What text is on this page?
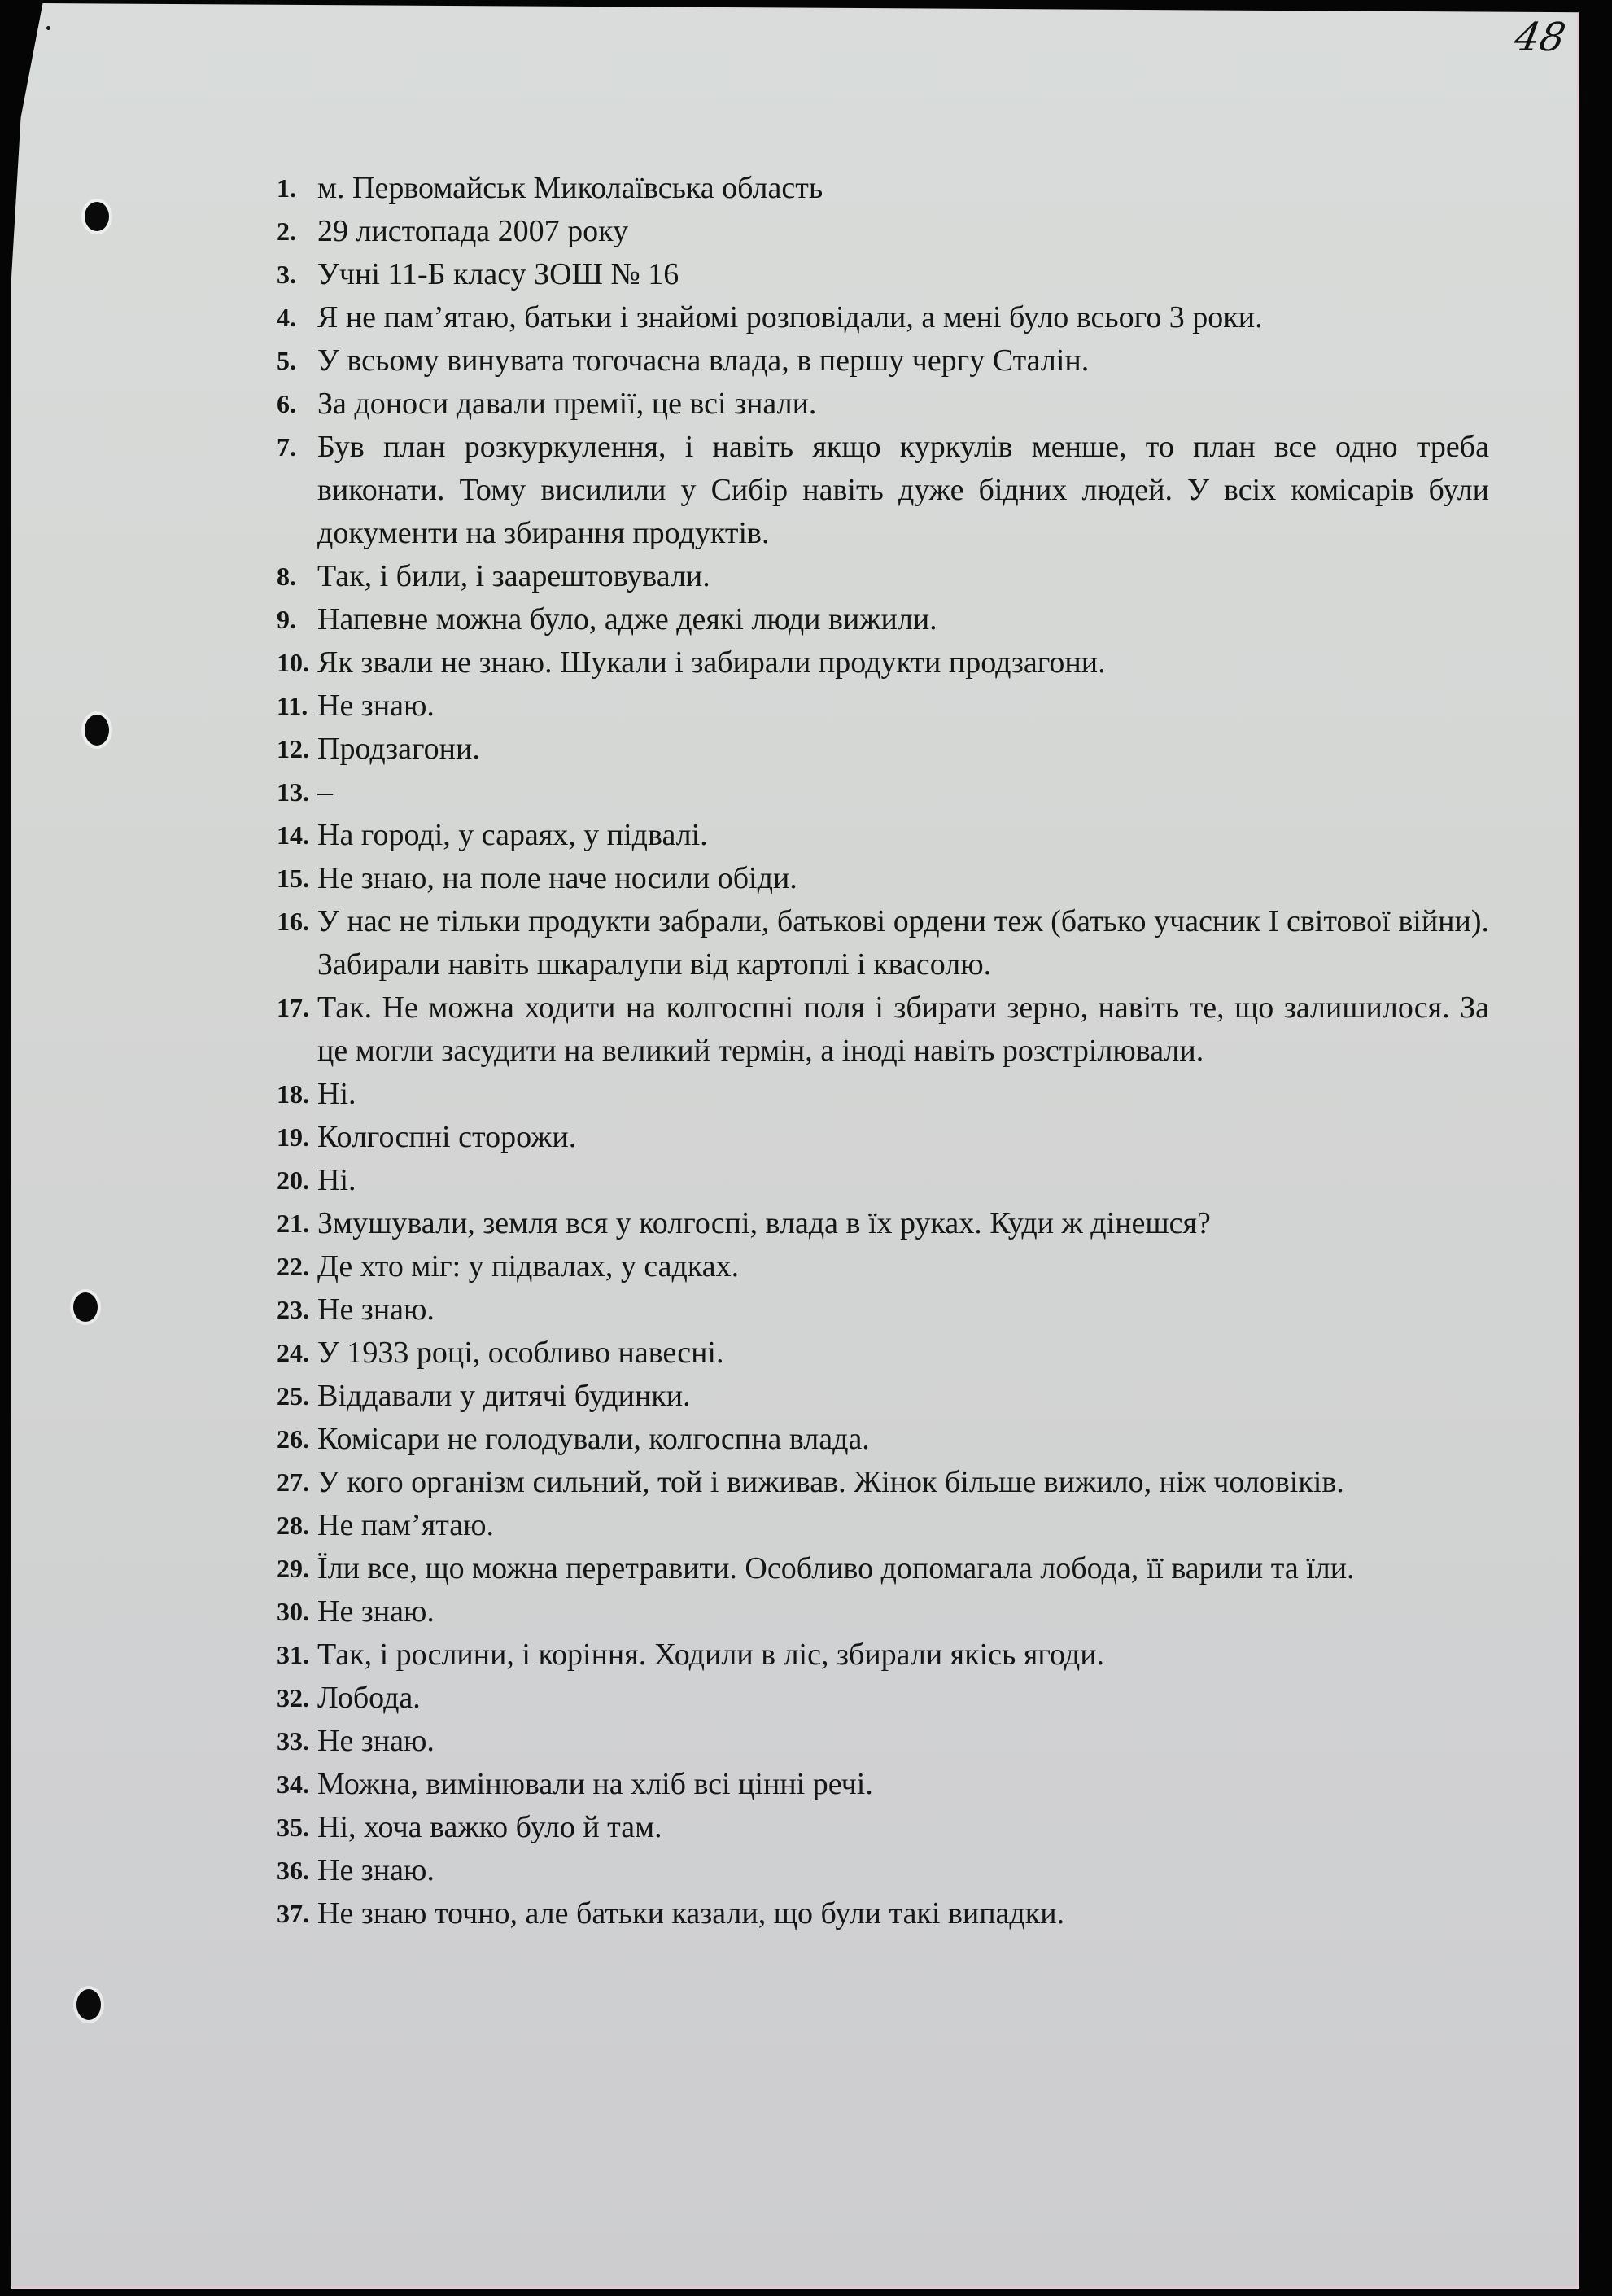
48
1. м. Первомайськ Миколаївська область
2. 29 листопада 2007 року
3. Учні 11-Б класу ЗОШ № 16
4. Я не пам’ятаю, батьки і знайомі розповідали, а мені було всього 3 роки.
5. У всьому винувата тогочасна влада, в першу чергу Сталін.
6. За доноси давали премії, це всі знали.
7. Був план розкуркулення, і навіть якщо куркулів менше, то план все одно треба виконати. Тому висилили у Сибір навіть дуже бідних людей. У всіх комісарів були документи на збирання продуктів.
8. Так, і били, і заарештовували.
9. Напевне можна було, адже деякі люди вижили.
10. Як звали не знаю. Шукали і забирали продукти продзагони.
11. Не знаю.
12. Продзагони.
13. –
14. На городі, у сараях, у підвалі.
15. Не знаю, на поле наче носили обіди.
16. У нас не тільки продукти забрали, батькові ордени теж (батько учасник І світової війни). Забирали навіть шкаралупи від картоплі і квасолю.
17. Так. Не можна ходити на колгоспні поля і збирати зерно, навіть те, що залишилося. За це могли засудити на великий термін, а іноді навіть розстрілювали.
18. Ні.
19. Колгоспні сторожи.
20. Ні.
21. Змушували, земля вся у колгоспі, влада в їх руках. Куди ж дінешся?
22. Де хто міг: у підвалах, у садках.
23. Не знаю.
24. У 1933 році, особливо навесні.
25. Віддавали у дитячі будинки.
26. Комісари не голодували, колгоспна влада.
27. У кого організм сильний, той і виживав. Жінок більше вижило, ніж чоловіків.
28. Не пам’ятаю.
29. Їли все, що можна перетравити. Особливо допомагала лобода, її варили та їли.
30. Не знаю.
31. Так, і рослини, і коріння. Ходили в ліс, збирали якісь ягоди.
32. Лобода.
33. Не знаю.
34. Можна, вимінювали на хліб всі цінні речі.
35. Ні, хоча важко було й там.
36. Не знаю.
37. Не знаю точно, але батьки казали, що були такі випадки.
